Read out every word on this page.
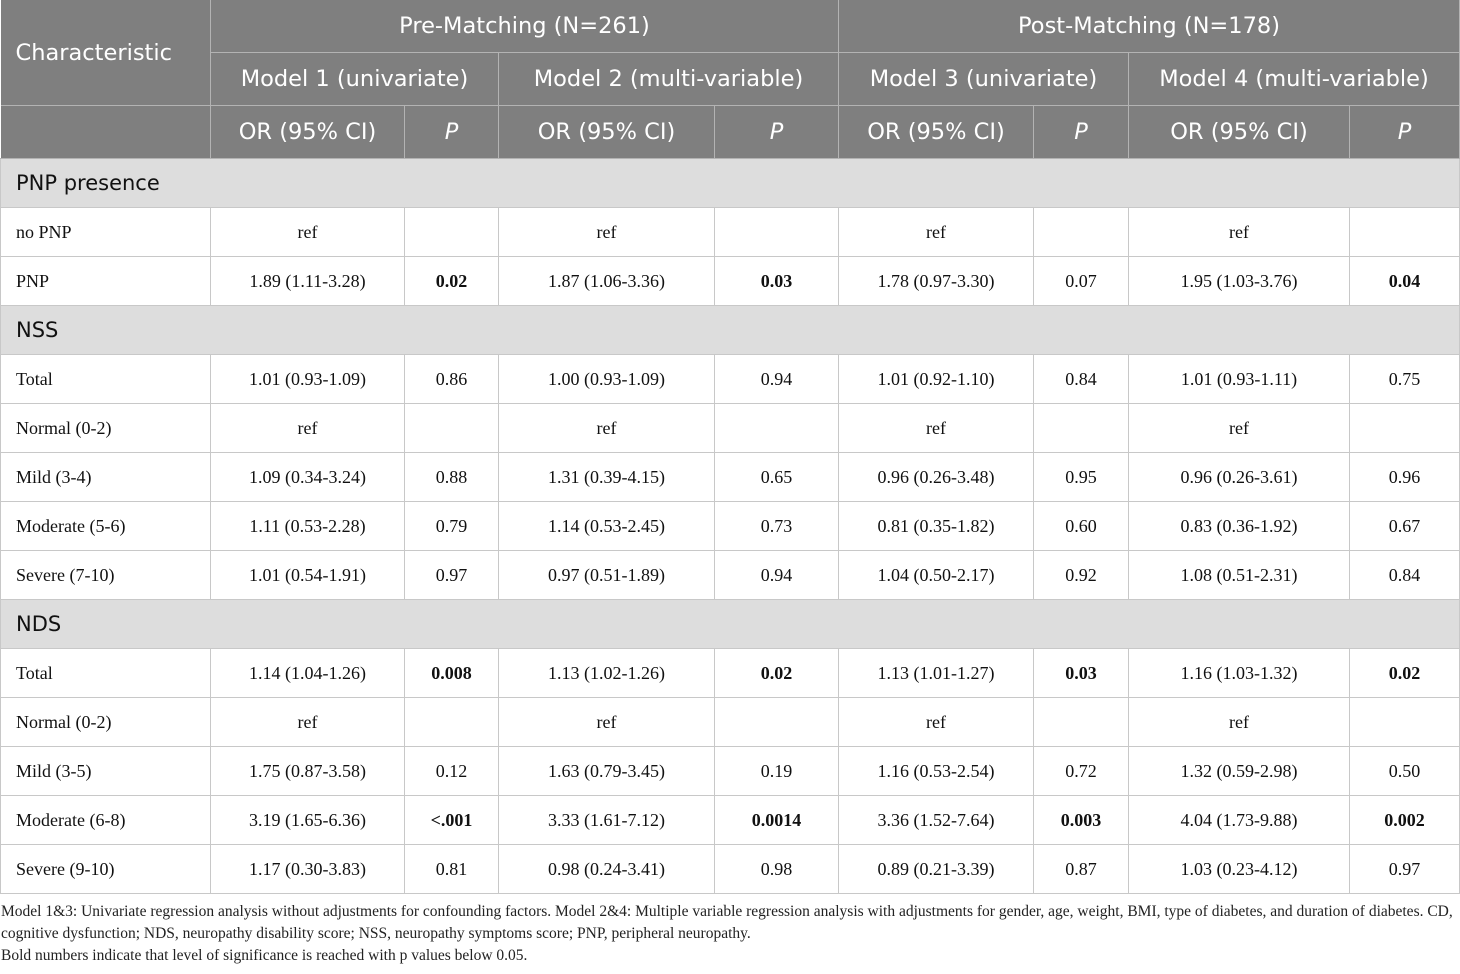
Characteristic	Pre-Matching (N=261)				Post-Matching (N=178)			
	Model 1 (univariate)		Model 2 (multi-variable)		Model 3 (univariate)		Model 4 (multi-variable)	
	OR (95% CI)	P	OR (95% CI)	P	OR (95% CI)	P	OR (95% CI)	P
PNP presence								
no PNP	ref		ref		ref		ref	
PNP	1.89 (1.11-3.28)	0.02	1.87 (1.06-3.36)	0.03	1.78 (0.97-3.30)	0.07	1.95 (1.03-3.76)	0.04
NSS								
Total	1.01 (0.93-1.09)	0.86	1.00 (0.93-1.09)	0.94	1.01 (0.92-1.10)	0.84	1.01 (0.93-1.11)	0.75
Normal (0-2)	ref		ref		ref		ref	
Mild (3-4)	1.09 (0.34-3.24)	0.88	1.31 (0.39-4.15)	0.65	0.96 (0.26-3.48)	0.95	0.96 (0.26-3.61)	0.96
Moderate (5-6)	1.11 (0.53-2.28)	0.79	1.14 (0.53-2.45)	0.73	0.81 (0.35-1.82)	0.60	0.83 (0.36-1.92)	0.67
Severe (7-10)	1.01 (0.54-1.91)	0.97	0.97 (0.51-1.89)	0.94	1.04 (0.50-2.17)	0.92	1.08 (0.51-2.31)	0.84
NDS								
Total	1.14 (1.04-1.26)	0.008	1.13 (1.02-1.26)	0.02	1.13 (1.01-1.27)	0.03	1.16 (1.03-1.32)	0.02
Normal (0-2)	ref		ref		ref		ref	
Mild (3-5)	1.75 (0.87-3.58)	0.12	1.63 (0.79-3.45)	0.19	1.16 (0.53-2.54)	0.72	1.32 (0.59-2.98)	0.50
Moderate (6-8)	3.19 (1.65-6.36)	<.001	3.33 (1.61-7.12)	0.0014	3.36 (1.52-7.64)	0.003	4.04 (1.73-9.88)	0.002
Severe (9-10)	1.17 (0.30-3.83)	0.81	0.98 (0.24-3.41)	0.98	0.89 (0.21-3.39)	0.87	1.03 (0.23-4.12)	0.97

Model 1&3: Univariate regression analysis without adjustments for confounding factors. Model 2&4: Multiple variable regression analysis with adjustments for gender, age, weight, BMI, type of diabetes, and duration of diabetes. CD, cognitive dysfunction; NDS, neuropathy disability score; NSS, neuropathy symptoms score; PNP, peripheral neuropathy.

Bold numbers indicate that level of significance is reached with p values below 0.05.
